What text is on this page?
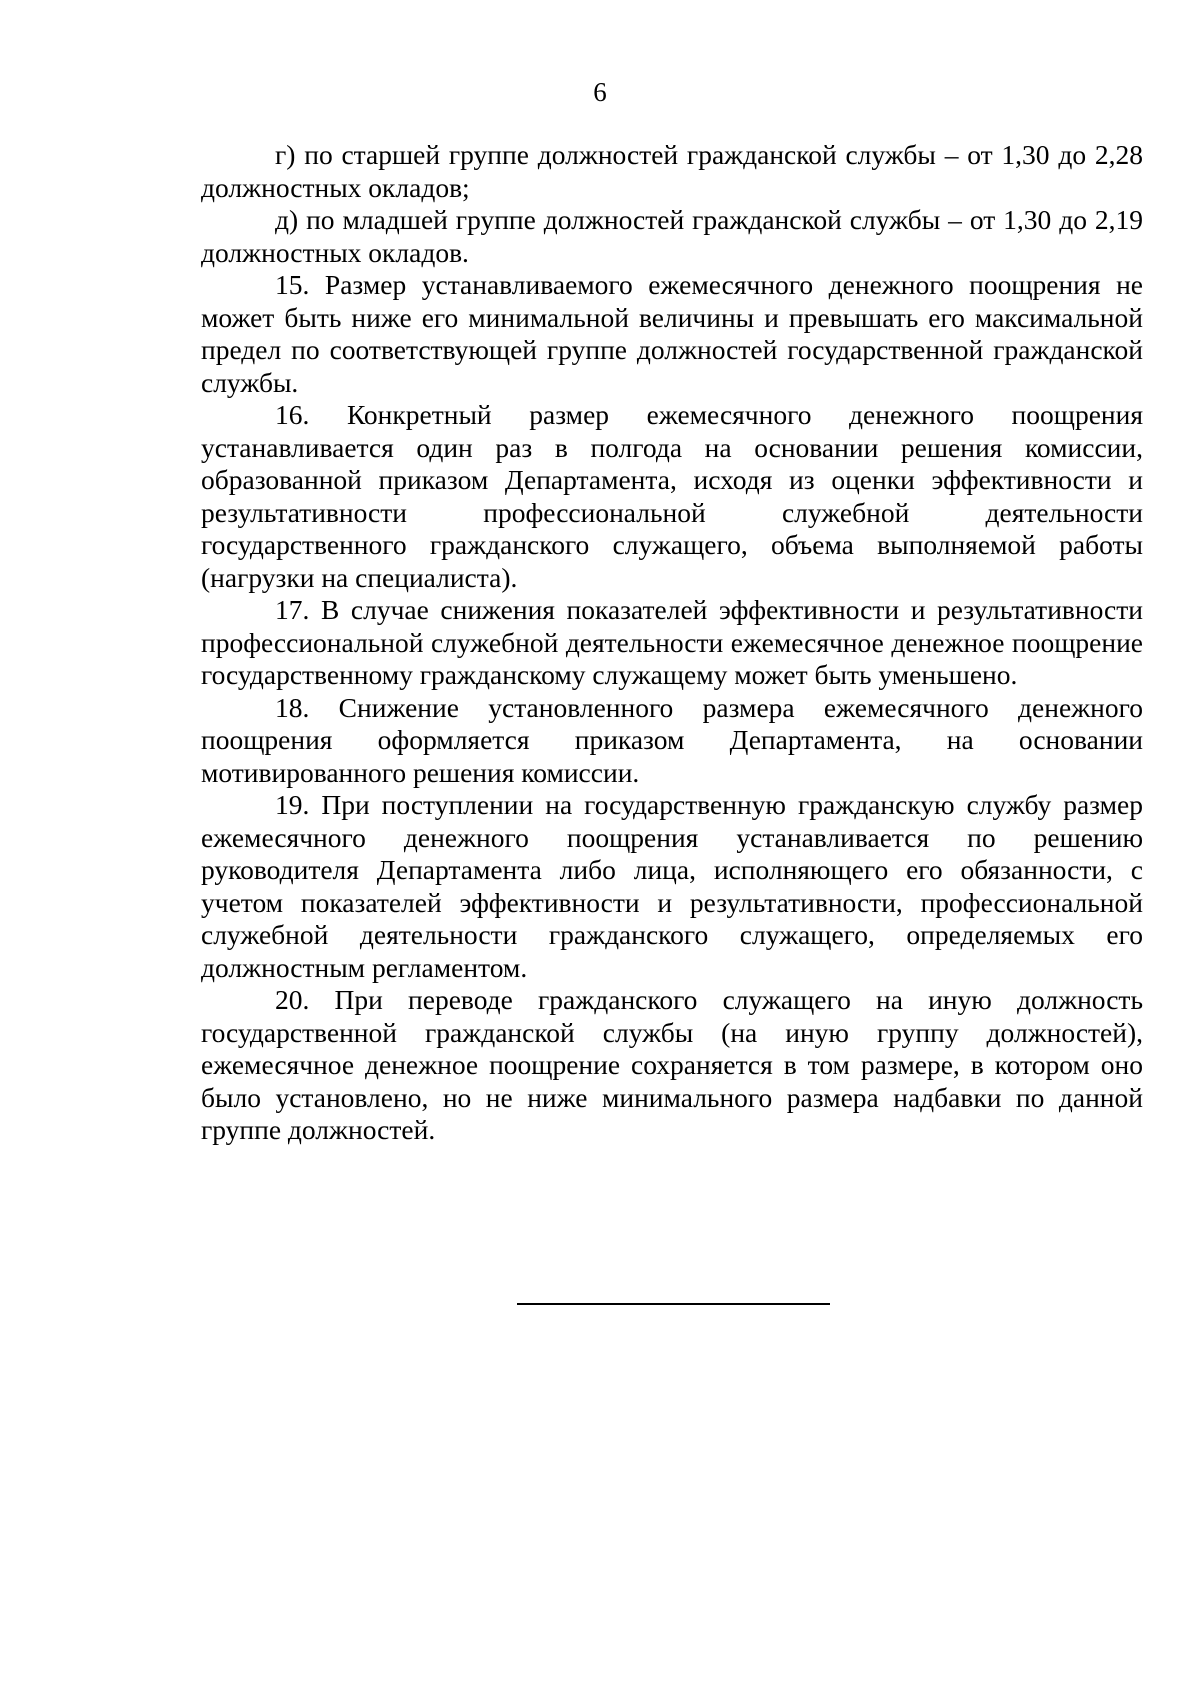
6

г) по старшей группе должностей гражданской службы – от 1,30 до 2,28 должностных окладов;

д) по младшей группе должностей гражданской службы – от 1,30 до 2,19 должностных окладов.

15. Размер устанавливаемого ежемесячного денежного поощрения не может быть ниже его минимальной величины и превышать его максимальной предел по соответствующей группе должностей государственной гражданской службы.

16. Конкретный размер ежемесячного денежного поощрения устанавливается один раз в полгода на основании решения комиссии, образованной приказом Департамента, исходя из оценки эффективности и результативности профессиональной служебной деятельности государственного гражданского служащего, объема выполняемой работы (нагрузки на специалиста).

17. В случае снижения показателей эффективности и результативности профессиональной служебной деятельности ежемесячное денежное поощрение государственному гражданскому служащему может быть уменьшено.

18. Снижение установленного размера ежемесячного денежного поощрения оформляется приказом Департамента, на основании мотивированного решения комиссии.

19. При поступлении на государственную гражданскую службу размер ежемесячного денежного поощрения устанавливается по решению руководителя Департамента либо лица, исполняющего его обязанности, с учетом показателей эффективности и результативности, профессиональной служебной деятельности гражданского служащего, определяемых его должностным регламентом.

20. При переводе гражданского служащего на иную должность государственной гражданской службы (на иную группу должностей), ежемесячное денежное поощрение сохраняется в том размере, в котором оно было установлено, но не ниже минимального размера надбавки по данной группе должностей.
